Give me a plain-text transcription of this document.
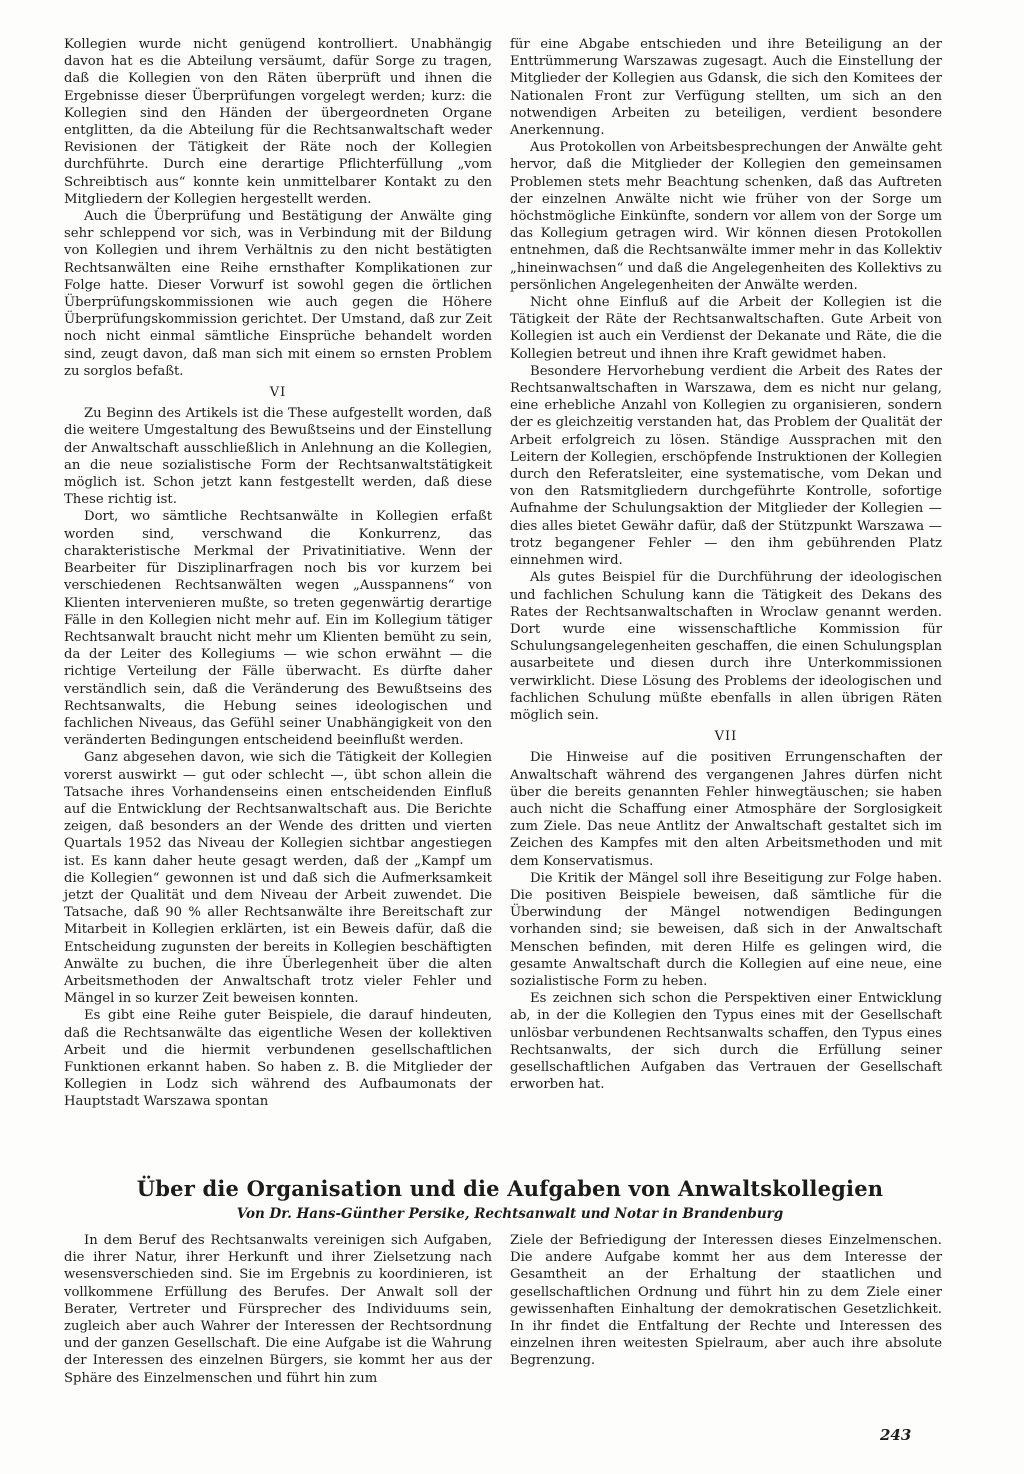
Kollegien wurde nicht genügend kontrolliert. Unabhängig davon hat es die Abteilung versäumt, dafür Sorge zu tragen, daß die Kollegien von den Räten überprüft und ihnen die Ergebnisse dieser Überprüfungen vorgelegt werden; kurz: die Kollegien sind den Händen der übergeordneten Organe entglitten, da die Abteilung für die Rechtsanwaltschaft weder Revisionen der Tätigkeit der Räte noch der Kollegien durchführte. Durch eine derartige Pflichterfüllung „vom Schreibtisch aus“ konnte kein unmittelbarer Kontakt zu den Mitgliedern der Kollegien hergestellt werden.

Auch die Überprüfung und Bestätigung der Anwälte ging sehr schleppend vor sich, was in Verbindung mit der Bildung von Kollegien und ihrem Verhältnis zu den nicht bestätigten Rechtsanwälten eine Reihe ernsthafter Komplikationen zur Folge hatte. Dieser Vorwurf ist sowohl gegen die örtlichen Überprüfungskommissionen wie auch gegen die Höhere Überprüfungskommission gerichtet. Der Umstand, daß zur Zeit noch nicht einmal sämtliche Einsprüche behandelt worden sind, zeugt davon, daß man sich mit einem so ernsten Problem zu sorglos befaßt.

VI

Zu Beginn des Artikels ist die These aufgestellt worden, daß die weitere Umgestaltung des Bewußtseins und der Einstellung der Anwaltschaft ausschließlich in Anlehnung an die Kollegien, an die neue sozialistische Form der Rechtsanwaltstätigkeit möglich ist. Schon jetzt kann festgestellt werden, daß diese These richtig ist.

Dort, wo sämtliche Rechtsanwälte in Kollegien erfaßt worden sind, verschwand die Konkurrenz, das charakteristische Merkmal der Privatinitiative. Wenn der Bearbeiter für Disziplinarfragen noch bis vor kurzem bei verschiedenen Rechtsanwälten wegen „Ausspannens“ von Klienten intervenieren mußte, so treten gegenwärtig derartige Fälle in den Kollegien nicht mehr auf. Ein im Kollegium tätiger Rechtsanwalt braucht nicht mehr um Klienten bemüht zu sein, da der Leiter des Kollegiums — wie schon erwähnt — die richtige Verteilung der Fälle überwacht. Es dürfte daher verständlich sein, daß die Veränderung des Bewußtseins des Rechtsanwalts, die Hebung seines ideologischen und fachlichen Niveaus, das Gefühl seiner Unabhängigkeit von den veränderten Bedingungen entscheidend beeinflußt werden.

Ganz abgesehen davon, wie sich die Tätigkeit der Kollegien vorerst auswirkt — gut oder schlecht —, übt schon allein die Tatsache ihres Vorhandenseins einen entscheidenden Einfluß auf die Entwicklung der Rechtsanwaltschaft aus. Die Berichte zeigen, daß besonders an der Wende des dritten und vierten Quartals 1952 das Niveau der Kollegien sichtbar angestiegen ist. Es kann daher heute gesagt werden, daß der „Kampf um die Kollegien“ gewonnen ist und daß sich die Aufmerksamkeit jetzt der Qualität und dem Niveau der Arbeit zuwendet. Die Tatsache, daß 90 % aller Rechtsanwälte ihre Bereitschaft zur Mitarbeit in Kollegien erklärten, ist ein Beweis dafür, daß die Entscheidung zugunsten der bereits in Kollegien beschäftigten Anwälte zu buchen, die ihre Überlegenheit über die alten Arbeitsmethoden der Anwaltschaft trotz vieler Fehler und Mängel in so kurzer Zeit beweisen konnten.

Es gibt eine Reihe guter Beispiele, die darauf hindeuten, daß die Rechtsanwälte das eigentliche Wesen der kollektiven Arbeit und die hiermit verbundenen gesellschaftlichen Funktionen erkannt haben. So haben z. B. die Mitglieder der Kollegien in Lodz sich während des Aufbaumonats der Hauptstadt Warszawa spontan

für eine Abgabe entschieden und ihre Beteiligung an der Enttrümmerung Warszawas zugesagt. Auch die Einstellung der Mitglieder der Kollegien aus Gdansk, die sich den Komitees der Nationalen Front zur Verfügung stellten, um sich an den notwendigen Arbeiten zu beteiligen, verdient besondere Anerkennung.

Aus Protokollen von Arbeitsbesprechungen der Anwälte geht hervor, daß die Mitglieder der Kollegien den gemeinsamen Problemen stets mehr Beachtung schenken, daß das Auftreten der einzelnen Anwälte nicht wie früher von der Sorge um höchstmögliche Einkünfte, sondern vor allem von der Sorge um das Kollegium getragen wird. Wir können diesen Protokollen entnehmen, daß die Rechtsanwälte immer mehr in das Kollektiv „hineinwachsen“ und daß die Angelegenheiten des Kollektivs zu persönlichen Angelegenheiten der Anwälte werden.

Nicht ohne Einfluß auf die Arbeit der Kollegien ist die Tätigkeit der Räte der Rechtsanwaltschaften. Gute Arbeit von Kollegien ist auch ein Verdienst der Dekanate und Räte, die die Kollegien betreut und ihnen ihre Kraft gewidmet haben.

Besondere Hervorhebung verdient die Arbeit des Rates der Rechtsanwaltschaften in Warszawa, dem es nicht nur gelang, eine erhebliche Anzahl von Kollegien zu organisieren, sondern der es gleichzeitig verstanden hat, das Problem der Qualität der Arbeit erfolgreich zu lösen. Ständige Aussprachen mit den Leitern der Kollegien, erschöpfende Instruktionen der Kollegien durch den Referatsleiter, eine systematische, vom Dekan und von den Ratsmitgliedern durchgeführte Kontrolle, sofortige Aufnahme der Schulungsaktion der Mitglieder der Kollegien — dies alles bietet Gewähr dafür, daß der Stützpunkt Warszawa — trotz begangener Fehler — den ihm gebührenden Platz einnehmen wird.

Als gutes Beispiel für die Durchführung der ideologischen und fachlichen Schulung kann die Tätigkeit des Dekans des Rates der Rechtsanwaltschaften in Wroclaw genannt werden. Dort wurde eine wissenschaftliche Kommission für Schulungsangelegenheiten geschaffen, die einen Schulungsplan ausarbeitete und diesen durch ihre Unterkommissionen verwirklicht. Diese Lösung des Problems der ideologischen und fachlichen Schulung müßte ebenfalls in allen übrigen Räten möglich sein.

VII

Die Hinweise auf die positiven Errungenschaften der Anwaltschaft während des vergangenen Jahres dürfen nicht über die bereits genannten Fehler hinwegtäuschen; sie haben auch nicht die Schaffung einer Atmosphäre der Sorglosigkeit zum Ziele. Das neue Antlitz der Anwaltschaft gestaltet sich im Zeichen des Kampfes mit den alten Arbeitsmethoden und mit dem Konservatismus.

Die Kritik der Mängel soll ihre Beseitigung zur Folge haben. Die positiven Beispiele beweisen, daß sämtliche für die Überwindung der Mängel notwendigen Bedingungen vorhanden sind; sie beweisen, daß sich in der Anwaltschaft Menschen befinden, mit deren Hilfe es gelingen wird, die gesamte Anwaltschaft durch die Kollegien auf eine neue, eine sozialistische Form zu heben.

Es zeichnen sich schon die Perspektiven einer Entwicklung ab, in der die Kollegien den Typus eines mit der Gesellschaft unlösbar verbundenen Rechtsanwalts schaffen, den Typus eines Rechtsanwalts, der sich durch die Erfüllung seiner gesellschaftlichen Aufgaben das Vertrauen der Gesellschaft erworben hat.

Über die Organisation und die Aufgaben von Anwaltskollegien
Von Dr. Hans-Günther Persike, Rechtsanwalt und Notar in Brandenburg

In dem Beruf des Rechtsanwalts vereinigen sich Aufgaben, die ihrer Natur, ihrer Herkunft und ihrer Zielsetzung nach wesensverschieden sind. Sie im Ergebnis zu koordinieren, ist vollkommene Erfüllung des Berufes. Der Anwalt soll der Berater, Vertreter und Fürsprecher des Individuums sein, zugleich aber auch Wahrer der Interessen der Rechtsordnung und der ganzen Gesellschaft. Die eine Aufgabe ist die Wahrung der Interessen des einzelnen Bürgers, sie kommt her aus der Sphäre des Einzelmenschen und führt hin zum

Ziele der Befriedigung der Interessen dieses Einzelmenschen. Die andere Aufgabe kommt her aus dem Interesse der Gesamtheit an der Erhaltung der staatlichen und gesellschaftlichen Ordnung und führt hin zu dem Ziele einer gewissenhaften Einhaltung der demokratischen Gesetzlichkeit. In ihr findet die Entfaltung der Rechte und Interessen des einzelnen ihren weitesten Spielraum, aber auch ihre absolute Begrenzung.

243
